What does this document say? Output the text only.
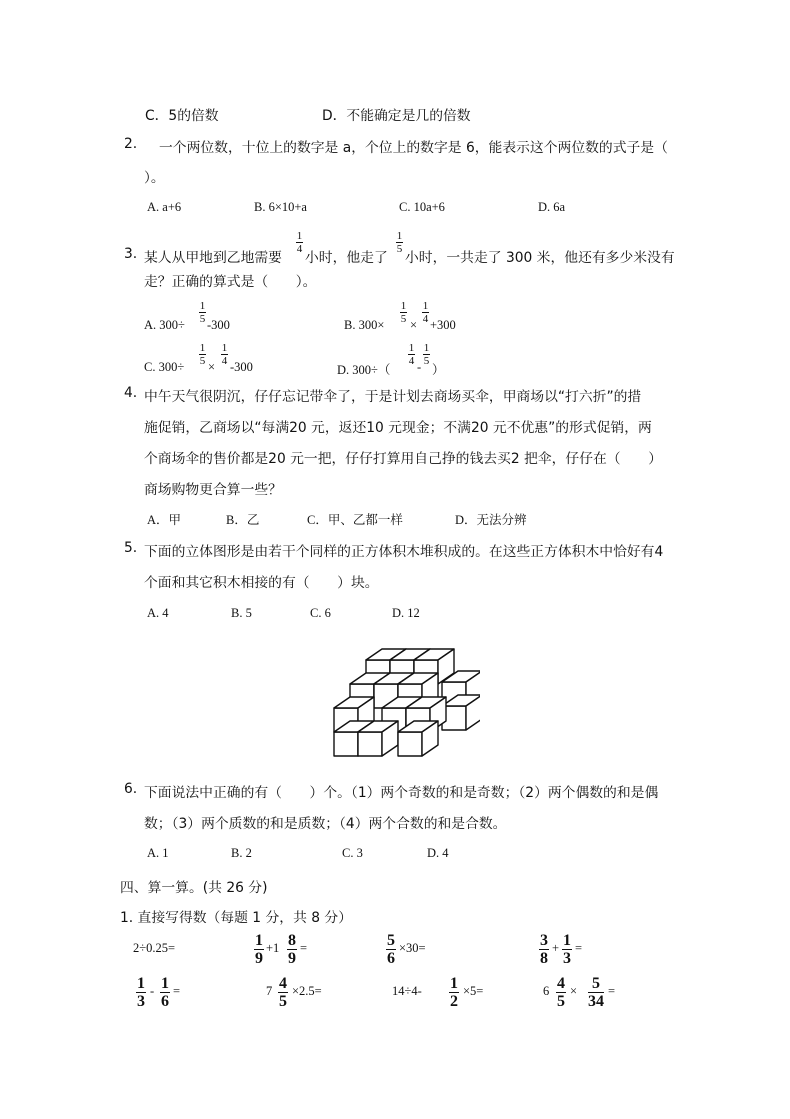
C．5的倍数	D．不能确定是几的倍数
2. 一个两位数，十位上的数字是 a，个位上的数字是 6，能表示这个两位数的式子是（
）。
A. a+6	B. 6×10+a	C. 10a+6	D. 6a
3. 某人从甲地到乙地需要
1
4
小时，他走了
1
5
小时，一共走了 300 米，他还有多少米没有
走？正确的算式是（　　）。
A. 300÷
1
5 -300	B. 300×
1
5 ×
1
4 +300
C. 300÷
1
5 ×
1
4 -300	D. 300÷（
1
4 -
1
5
）
4. 中午天气很阴沉，仔仔忘记带伞了，于是计划去商场买伞，甲商场以“打六折”的措
施促销，乙商场以“每满20 元，返还10 元现金；不满20 元不优惠”的形式促销，两
个商场伞的售价都是20 元一把，仔仔打算用自己挣的钱去买2 把伞，仔仔在（　　）
商场购物更合算一些？
A．甲	B．乙	C．甲、乙都一样	D．无法分辨
5. 下面的立体图形是由若干个同样的正方体积木堆积成的。在这些正方体积木中恰好有4
个面和其它积木相接的有（　　）块。
A. 4	B. 5	C. 6	D. 12
6. 下面说法中正确的有（　　）个。（1）两个奇数的和是奇数；（2）两个偶数的和是偶
数；（3）两个质数的和是质数；（4）两个合数的和是合数。
A. 1	B. 2	C. 3	D. 4
四、算一算。(共 26 分)
1. 直接写得数（每题 1 分，共 8 分）
2÷0.25=	1
9
+1 8
9
=	5
6
×30=	3
8
+ 1
3
=
1
3
- 1
6
=	7 4
5
×2.5=	14÷4- 1
2
×5=	6 4
5
× 5
34
=
